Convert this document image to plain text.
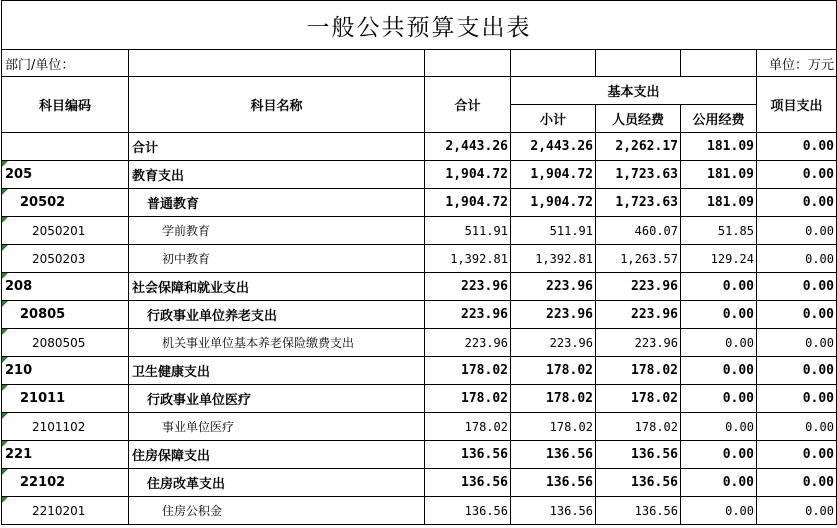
一般公共预算支出表						
部门/单位：						单位：万元
科目编码	科目名称	合计	基本支出			项目支出
			小计	人员经费	公用经费	
	合计	2,443.26	2,443.26	2,262.17	181.09	0.00

205	教育支出	1,904.72	1,904.72	1,723.63	181.09	0.00

20502	普通教育	1,904.72	1,904.72	1,723.63	181.09	0.00

2050201	学前教育	511.91	511.91	460.07	51.85	0.00

2050203	初中教育	1,392.81	1,392.81	1,263.57	129.24	0.00

208	社会保障和就业支出	223.96	223.96	223.96	0.00	0.00

20805	行政事业单位养老支出	223.96	223.96	223.96	0.00	0.00

2080505	机关事业单位基本养老保险缴费支出	223.96	223.96	223.96	0.00	0.00

210	卫生健康支出	178.02	178.02	178.02	0.00	0.00

21011	行政事业单位医疗	178.02	178.02	178.02	0.00	0.00

2101102	事业单位医疗	178.02	178.02	178.02	0.00	0.00

221	住房保障支出	136.56	136.56	136.56	0.00	0.00

22102	住房改革支出	136.56	136.56	136.56	0.00	0.00

2210201	住房公积金	136.56	136.56	136.56	0.00	0.00
